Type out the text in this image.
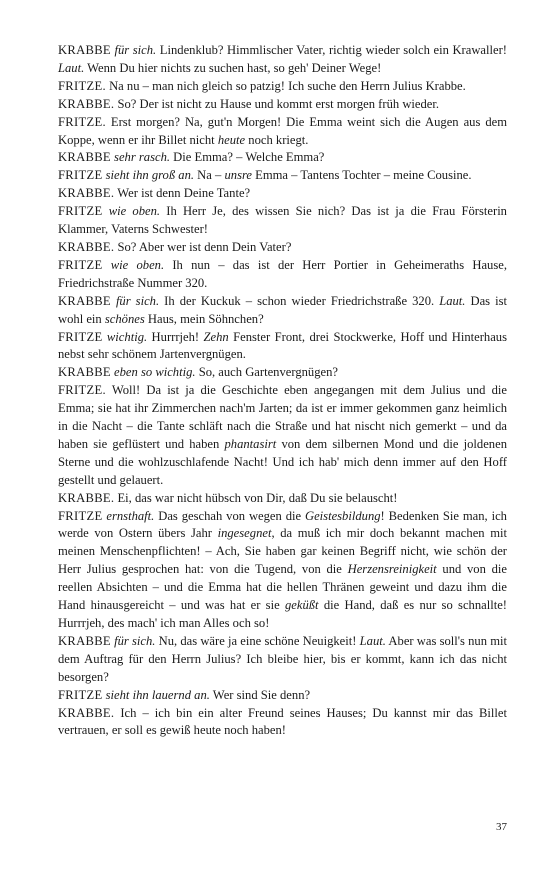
KRABBE für sich. Lindenklub? Himmlischer Vater, richtig wieder solch ein Krawaller! Laut. Wenn Du hier nichts zu suchen hast, so geh' Deiner Wege!

FRITZE. Na nu – man nich gleich so patzig! Ich suche den Herrn Julius Krabbe.

KRABBE. So? Der ist nicht zu Hause und kommt erst morgen früh wieder.

FRITZE. Erst morgen? Na, gut'n Morgen! Die Emma weint sich die Augen aus dem Koppe, wenn er ihr Billet nicht heute noch kriegt.

KRABBE sehr rasch. Die Emma? – Welche Emma?

FRITZE sieht ihn groß an. Na – unsre Emma – Tantens Tochter – meine Cousine.

KRABBE. Wer ist denn Deine Tante?

FRITZE wie oben. Ih Herr Je, des wissen Sie nich? Das ist ja die Frau Försterin Klammer, Vaterns Schwester!

KRABBE. So? Aber wer ist denn Dein Vater?

FRITZE wie oben. Ih nun – das ist der Herr Portier in Geheimeraths Hause, Friedrichstraße Nummer 320.

KRABBE für sich. Ih der Kuckuk – schon wieder Friedrichstraße 320. Laut. Das ist wohl ein schönes Haus, mein Söhnchen?

FRITZE wichtig. Hurrrjeh! Zehn Fenster Front, drei Stockwerke, Hoff und Hinterhaus nebst sehr schönem Jartenvergnügen.

KRABBE eben so wichtig. So, auch Gartenvergnügen?

FRITZE. Woll! Da ist ja die Geschichte eben angegangen mit dem Julius und die Emma; sie hat ihr Zimmerchen nach'm Jarten; da ist er immer gekommen ganz heimlich in die Nacht – die Tante schläft nach die Straße und hat nischt nich gemerkt – und da haben sie geflüstert und haben phantasirt von dem silbernen Mond und die joldenen Sterne und die wohlzuschlafende Nacht! Und ich hab' mich denn immer auf den Hoff gestellt und gelauert.

KRABBE. Ei, das war nicht hübsch von Dir, daß Du sie belauscht!

FRITZE ernsthaft. Das geschah von wegen die Geistesbildung! Bedenken Sie man, ich werde von Ostern übers Jahr ingesegnet, da muß ich mir doch bekannt machen mit meinen Menschenpflichten! – Ach, Sie haben gar keinen Begriff nicht, wie schön der Herr Julius gesprochen hat: von die Tugend, von die Herzensreinigkeit und von die reellen Absichten – und die Emma hat die hellen Thränen geweint und dazu ihm die Hand hinausgereicht – und was hat er sie geküßt die Hand, daß es nur so schnallte! Hurrrjeh, des mach' ich man Alles och so!

KRABBE für sich. Nu, das wäre ja eine schöne Neuigkeit! Laut. Aber was soll's nun mit dem Auftrag für den Herrn Julius? Ich bleibe hier, bis er kommt, kann ich das nicht besorgen?

FRITZE sieht ihn lauernd an. Wer sind Sie denn?

KRABBE. Ich – ich bin ein alter Freund seines Hauses; Du kannst mir das Billet vertrauen, er soll es gewiß heute noch haben!

37
